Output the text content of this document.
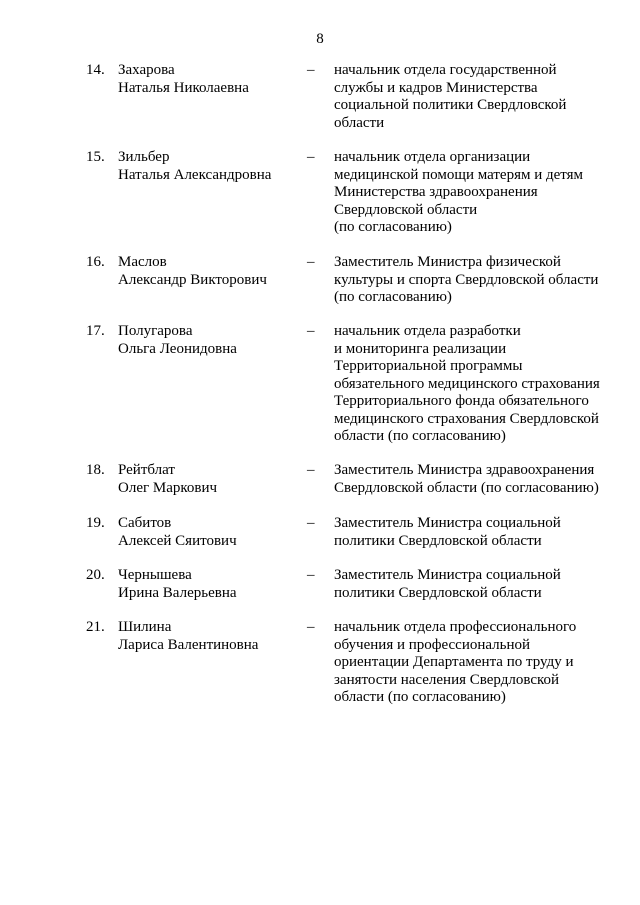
8
14. Захарова
Наталья Николаевна
–	начальник отдела государственной
службы и кадров Министерства
социальной политики Свердловской
области
15. Зильбер
Наталья Александровна
–	начальник отдела организации
медицинской помощи матерям и детям
Министерства здравоохранения
Свердловской области
(по согласованию)
16. Маслов
Александр Викторович
–	Заместитель Министра физической
культуры и спорта Свердловской области
(по согласованию)
17. Полугарова
Ольга Леонидовна
–	начальник отдела разработки
и мониторинга реализации
Территориальной программы
обязательного медицинского страхования
Территориального фонда обязательного
медицинского страхования Свердловской
области (по согласованию)
18. Рейтблат
Олег Маркович
–	Заместитель Министра здравоохранения
Свердловской области (по согласованию)
19. Сабитов
Алексей Сяитович
–	Заместитель Министра социальной
политики Свердловской области
20. Чернышева
Ирина Валерьевна
–	Заместитель Министра социальной
политики Свердловской области
21. Шилина
Лариса Валентиновна
–	начальник отдела профессионального
обучения и профессиональной
ориентации Департамента по труду и
занятости населения Свердловской
области (по согласованию)
